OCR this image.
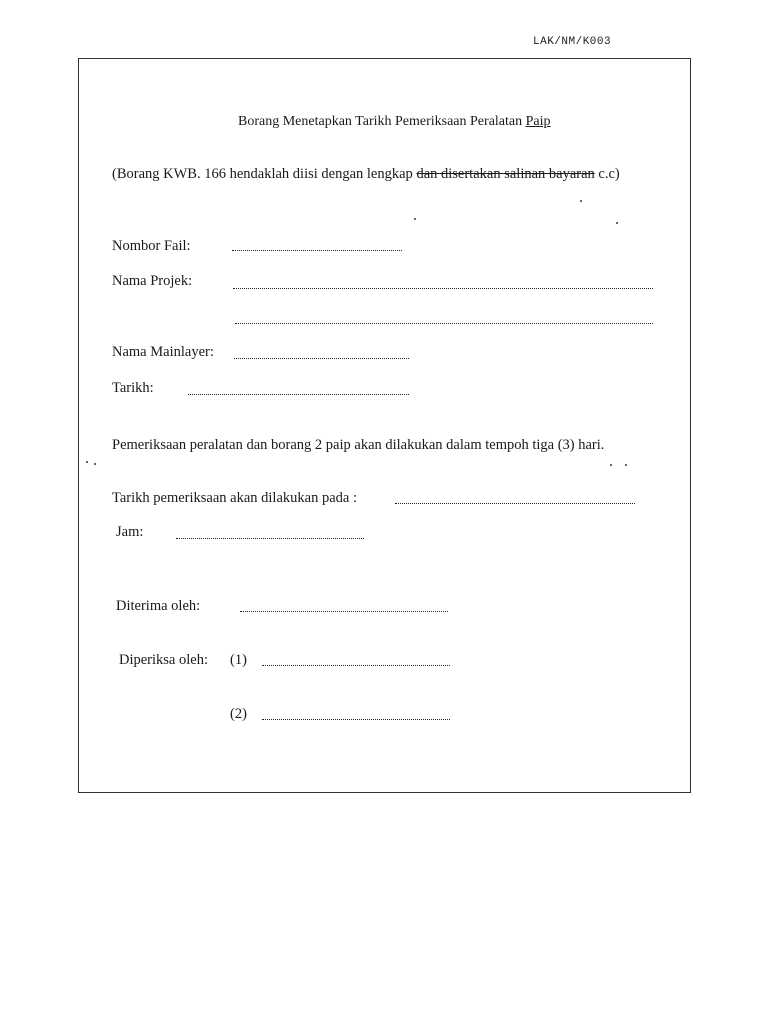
LAK/NM/K003
Borang Menetapkan Tarikh Pemeriksaan Peralatan Paip
(Borang KWB. 166 hendaklah diisi dengan lengkap dan disertakan salinan bayaran c.c)
Nombor Fail:
Nama Projek:
Nama Mainlayer:
Tarikh:
Pemeriksaan peralatan dan borang 2 paip akan dilakukan dalam tempoh tiga (3) hari.
Tarikh pemeriksaan akan dilakukan pada :
Jam:
Diterima oleh:
Diperiksa oleh: (1)
(2)
